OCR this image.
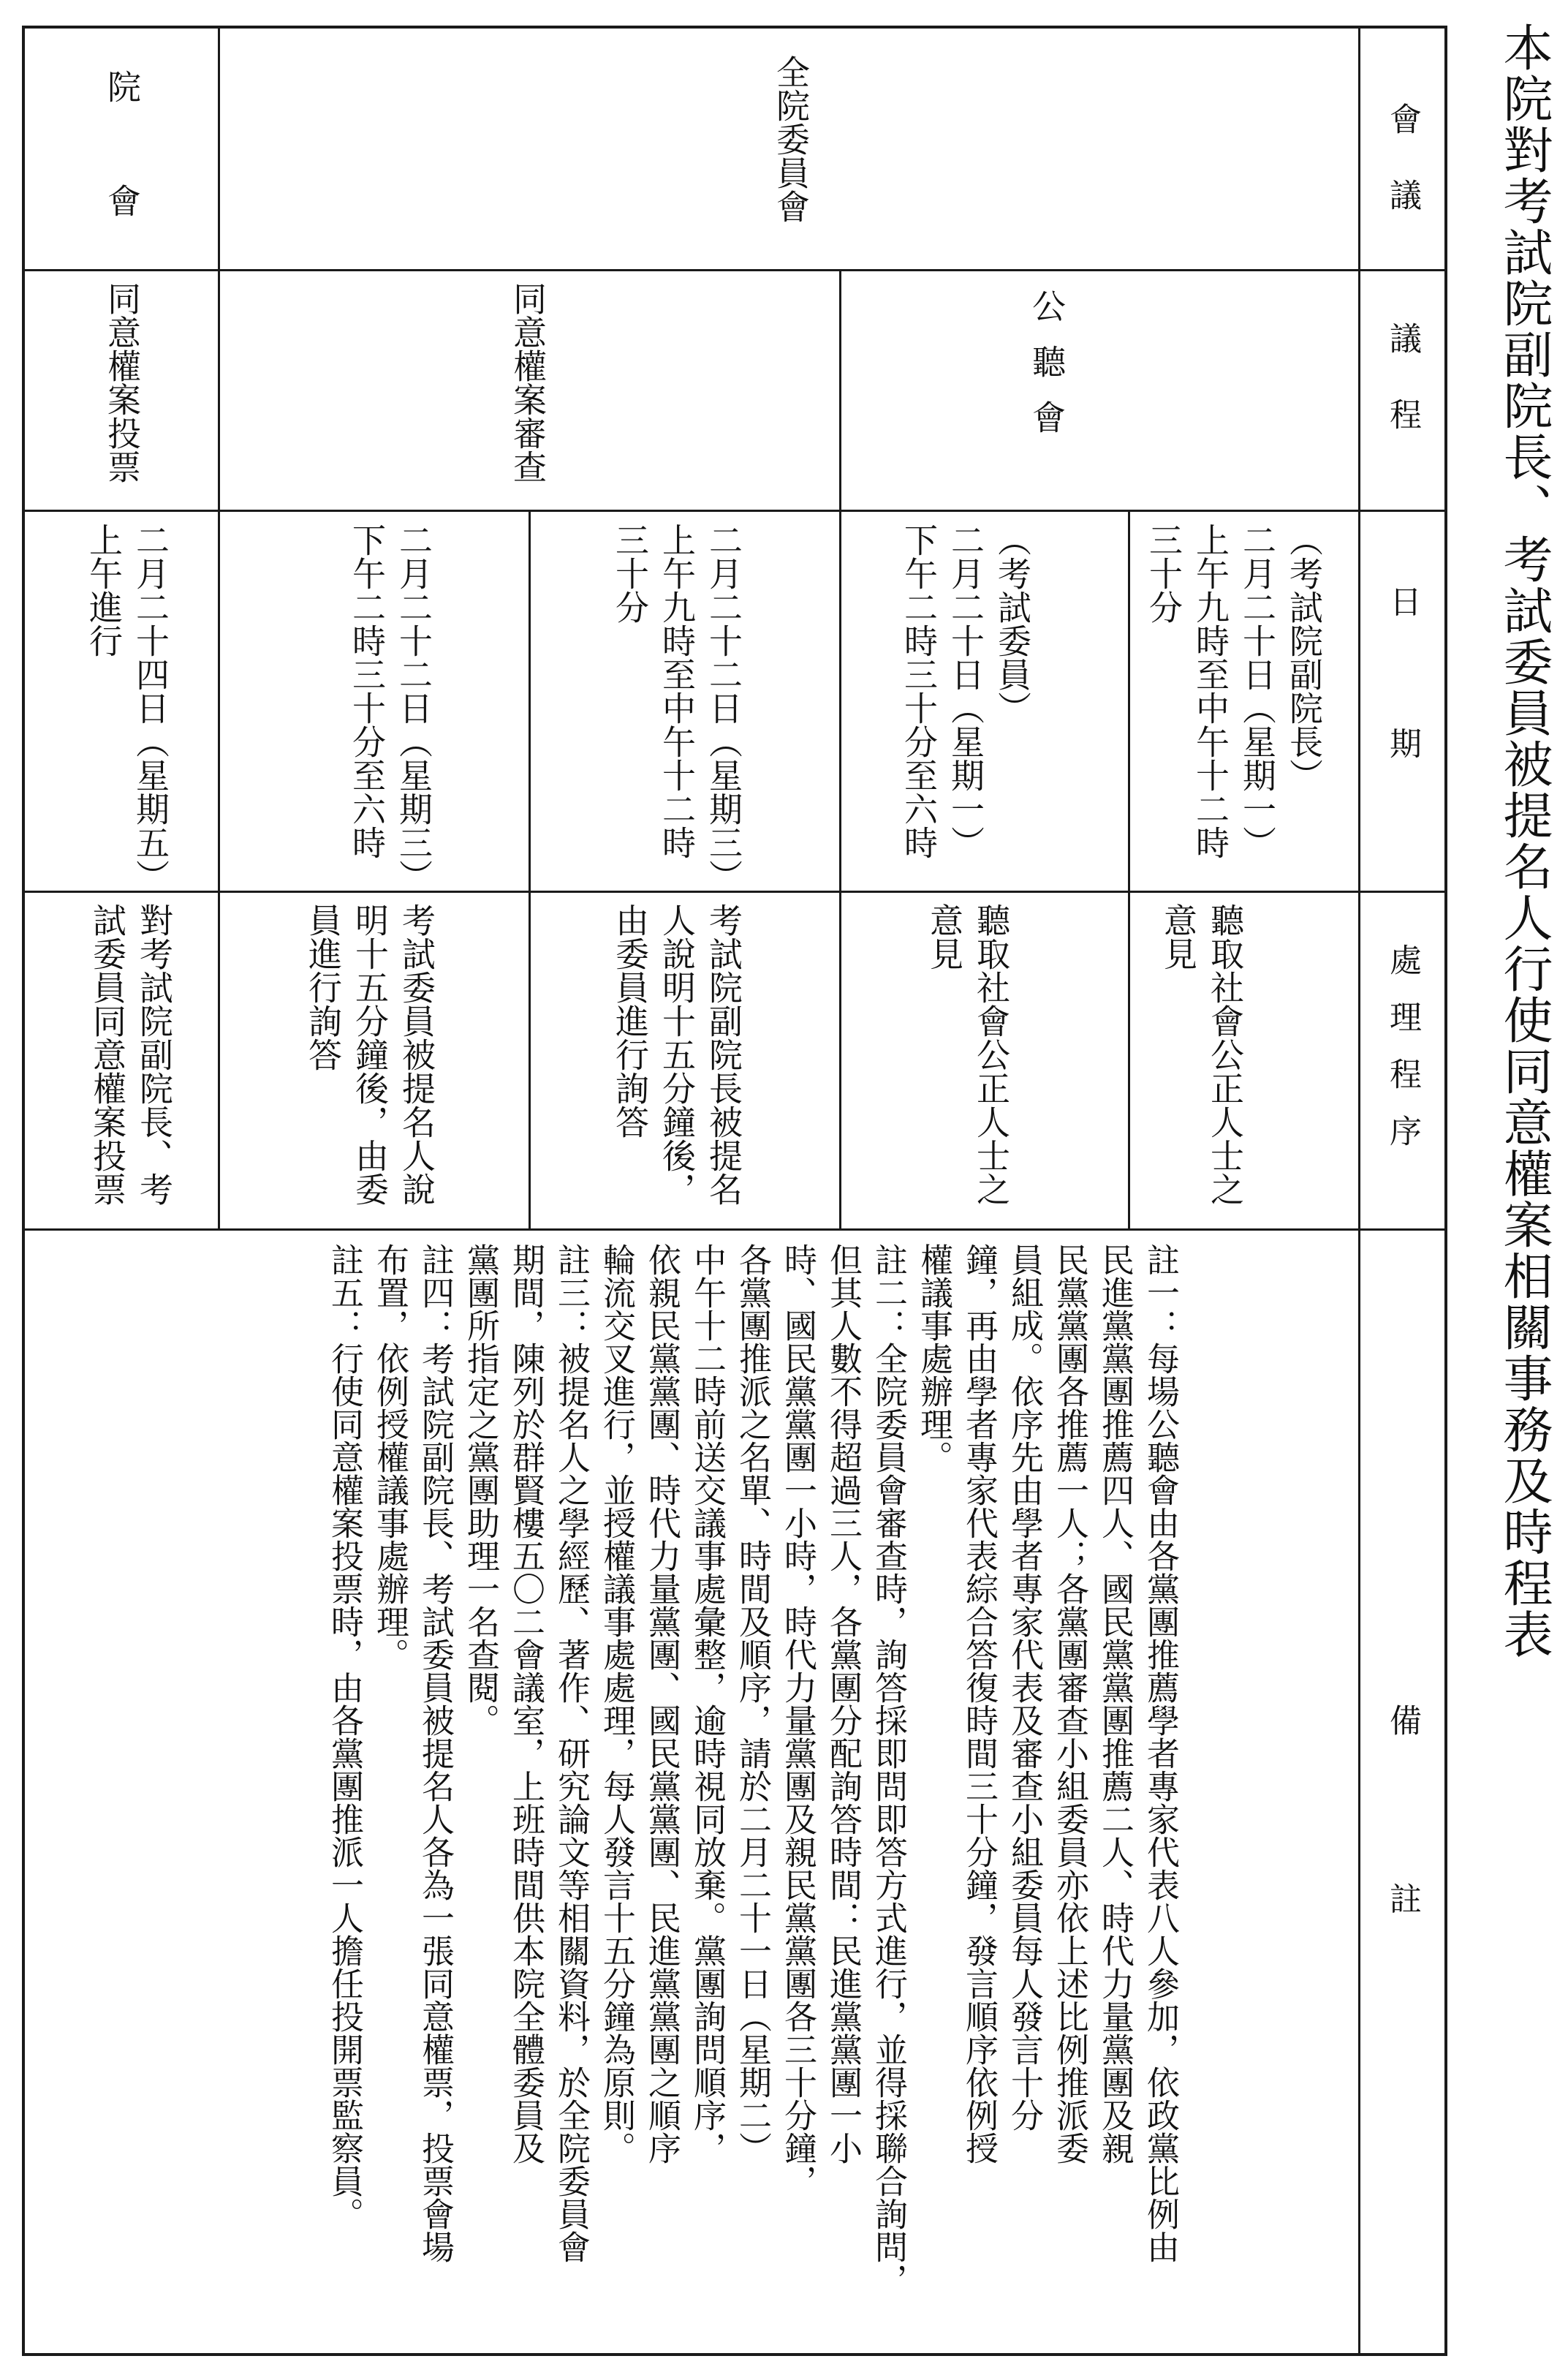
本院對考試院副院長、考試委員被提名人行使同意權案相關事務及時程表
會議
議程
日期
處理程序
備註
全院委員會
院會
公聽會
同意權案審查
同意權案投票
（考試院副院長）
二月二十日（星期一）
上午九時至中午十二時
三十分
（考試委員）
二月二十日（星期一）
下午二時三十分至六時
二月二十二日（星期三）
上午九時至中午十二時
三十分
二月二十二日（星期三）
下午二時三十分至六時
二月二十四日（星期五）
上午進行
聽取社會公正人士之
意見
聽取社會公正人士之
意見
考試院副院長被提名
人說明十五分鐘後，
由委員進行詢答
考試委員被提名人說
明十五分鐘後，由委
員進行詢答
對考試院副院長、考
試委員同意權案投票
註一：每場公聽會由各黨團推薦學者專家代表八人參加，依政黨比例由
民進黨黨團推薦四人、國民黨黨團推薦二人、時代力量黨團及親
民黨黨團各推薦一人；各黨團審查小組委員亦依上述比例推派委
員組成。依序先由學者專家代表及審查小組委員每人發言十分
鐘，再由學者專家代表綜合答復時間三十分鐘，發言順序依例授
權議事處辦理。
註二：全院委員會審查時，詢答採即問即答方式進行，並得採聯合詢問，
但其人數不得超過三人，各黨團分配詢答時間：民進黨黨團一小
時、國民黨黨團一小時，時代力量黨團及親民黨黨團各三十分鐘，
各黨團推派之名單、時間及順序，請於二月二十一日（星期二）
中午十二時前送交議事處彙整，逾時視同放棄。黨團詢問順序，
依親民黨黨團、時代力量黨團、國民黨黨團、民進黨黨團之順序
輪流交叉進行，並授權議事處處理，每人發言十五分鐘為原則。
註三：被提名人之學經歷、著作、研究論文等相關資料，於全院委員會
期間，陳列於群賢樓五〇二會議室，上班時間供本院全體委員及
黨團所指定之黨團助理一名查閱。
註四：考試院副院長、考試委員被提名人各為一張同意權票，投票會場
布置，依例授權議事處辦理。
註五：行使同意權案投票時，由各黨團推派一人擔任投開票監察員。
